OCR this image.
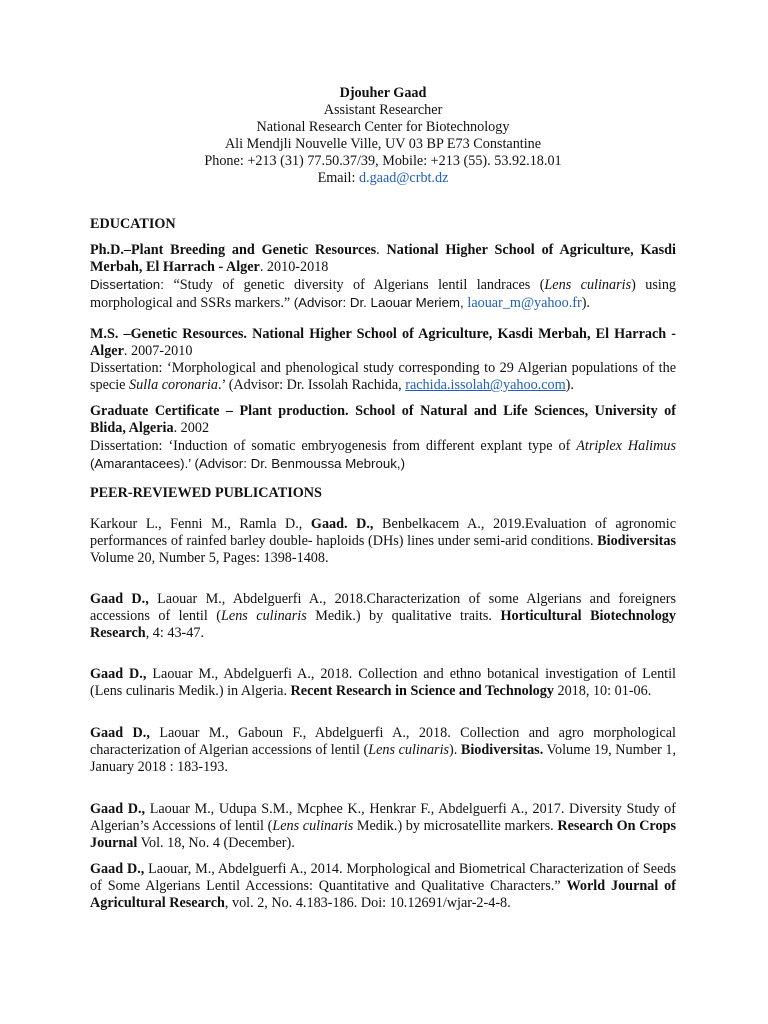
Djouher Gaad
Assistant Researcher
National Research Center for Biotechnology
Ali Mendjli Nouvelle Ville, UV 03 BP E73 Constantine
Phone: +213 (31) 77.50.37/39, Mobile: +213 (55). 53.92.18.01
Email: d.gaad@crbt.dz
EDUCATION
Ph.D.–Plant Breeding and Genetic Resources. National Higher School of Agriculture, Kasdi Merbah, El Harrach - Alger. 2010-2018
Dissertation: “Study of genetic diversity of Algerians lentil landraces (Lens culinaris) using morphological and SSRs markers.” (Advisor: Dr. Laouar Meriem, laouar_m@yahoo.fr).
M.S. –Genetic Resources. National Higher School of Agriculture, Kasdi Merbah, El Harrach - Alger. 2007-2010
Dissertation: ‘Morphological and phenological study corresponding to 29 Algerian populations of the specie Sulla coronaria.’ (Advisor: Dr. Issolah Rachida, rachida.issolah@yahoo.com).
Graduate Certificate – Plant production. School of Natural and Life Sciences, University of Blida, Algeria. 2002
Dissertation: ‘Induction of somatic embryogenesis from different explant type of Atriplex Halimus (Amarantacees).’ (Advisor: Dr. Benmoussa Mebrouk,)
PEER-REVIEWED PUBLICATIONS
Karkour L., Fenni M., Ramla D., Gaad. D., Benbelkacem A., 2019.Evaluation of agronomic performances of rainfed barley double- haploids (DHs) lines under semi-arid conditions. Biodiversitas Volume 20, Number 5, Pages: 1398-1408.
Gaad D., Laouar M., Abdelguerfi A., 2018.Characterization of some Algerians and foreigners accessions of lentil (Lens culinaris Medik.) by qualitative traits. Horticultural Biotechnology Research, 4: 43-47.
Gaad D., Laouar M., Abdelguerfi A., 2018. Collection and ethno botanical investigation of Lentil (Lens culinaris Medik.) in Algeria. Recent Research in Science and Technology 2018, 10: 01-06.
Gaad D., Laouar M., Gaboun F., Abdelguerfi A., 2018. Collection and agro morphological characterization of Algerian accessions of lentil (Lens culinaris). Biodiversitas. Volume 19, Number 1, January 2018 : 183-193.
Gaad D., Laouar M., Udupa S.M., Mcphee K., Henkrar F., Abdelguerfi A., 2017. Diversity Study of Algerian’s Accessions of lentil (Lens culinaris Medik.) by microsatellite markers. Research On Crops Journal Vol. 18, No. 4 (December).
Gaad D., Laouar, M., Abdelguerfi A., 2014. Morphological and Biometrical Characterization of Seeds of Some Algerians Lentil Accessions: Quantitative and Qualitative Characters.” World Journal of Agricultural Research, vol. 2, No. 4.183-186. Doi: 10.12691/wjar-2-4-8.
